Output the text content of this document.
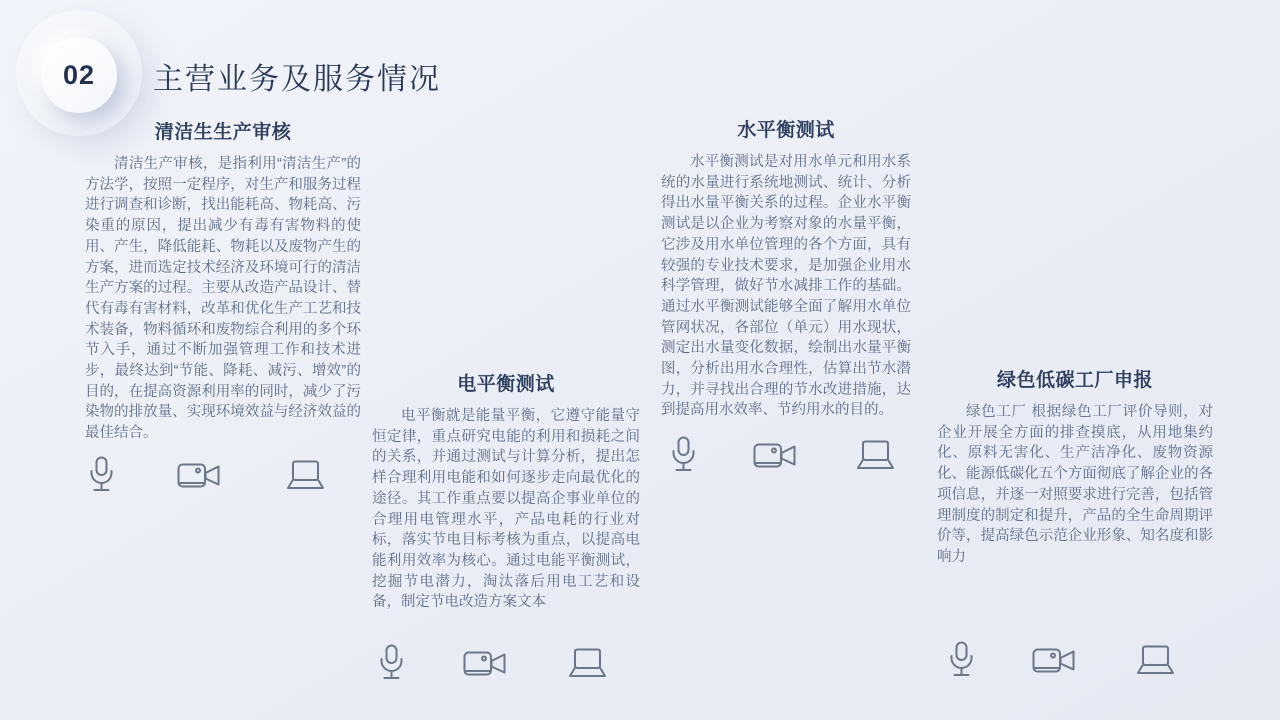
02	主营业务及服务情况
清洁生生产审核

清洁生产审核，是指利用“清洁生产”的方法学，按照一定程序，对生产和服务过程进行调查和诊断，找出能耗高、物耗高、污染重的原因，提出减少有毒有害物料的使用、产生，降低能耗、物耗以及废物产生的方案，进而选定技术经济及环境可行的清洁生产方案的过程。主要从改造产品设计、替代有毒有害材料，改革和优化生产工艺和技术装备，物料循环和废物综合利用的多个环节入手，通过不断加强管理工作和技术进步，最终达到“节能、降耗、减污、增效”的目的，在提高资源利用率的同时，减少了污染物的排放量、实现环境效益与经济效益的最佳结合。

电平衡测试

电平衡就是能量平衡，它遵守能量守恒定律，重点研究电能的利用和损耗之间的关系，并通过测试与计算分析，提出怎样合理利用电能和如何逐步走向最优化的途径。其工作重点要以提高企事业单位的合理用电管理水平，产品电耗的行业对标，落实节电目标考核为重点，以提高电能利用效率为核心。通过电能平衡测试，挖掘节电潜力，淘汰落后用电工艺和设备，制定节电改造方案文本

水平衡测试

水平衡测试是对用水单元和用水系统的水量进行系统地测试、统计、分析得出水量平衡关系的过程。企业水平衡测试是以企业为考察对象的水量平衡，它涉及用水单位管理的各个方面，具有较强的专业技术要求，是加强企业用水科学管理，做好节水减排工作的基础。通过水平衡测试能够全面了解用水单位管网状况，各部位（单元）用水现状，测定出水量变化数据，绘制出水量平衡图，分析出用水合理性，估算出节水潜力，并寻找出合理的节水改进措施，达到提高用水效率、节约用水的目的。

绿色低碳工厂申报

绿色工厂 根据绿色工厂评价导则，对企业开展全方面的排查摸底，从用地集约化、原料无害化、生产洁净化、废物资源化、能源低碳化五个方面彻底了解企业的各项信息，并逐一对照要求进行完善，包括管理制度的制定和提升，产品的全生命周期评价等，提高绿色示范企业形象、知名度和影响力
